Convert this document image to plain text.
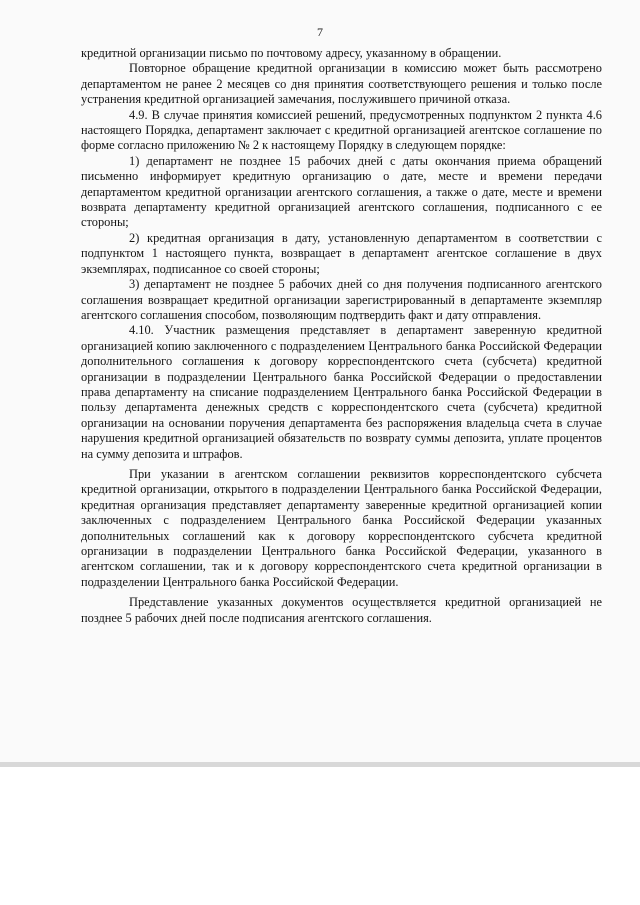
7

кредитной организации письмо по почтовому адресу, указанному в обращении.

Повторное обращение кредитной организации в комиссию может быть рассмотрено департаментом не ранее 2 месяцев со дня принятия соответствующего решения и только после устранения кредитной организацией замечания, послужившего причиной отказа.

4.9. В случае принятия комиссией решений, предусмотренных подпунктом 2 пункта 4.6 настоящего Порядка, департамент заключает с кредитной организацией агентское соглашение по форме согласно приложению № 2 к настоящему Порядку в следующем порядке:

1) департамент не позднее 15 рабочих дней с даты окончания приема обращений письменно информирует кредитную организацию о дате, месте и времени передачи департаментом кредитной организации агентского соглашения, а также о дате, месте и времени возврата департаменту кредитной организацией агентского соглашения, подписанного с ее стороны;

2) кредитная организация в дату, установленную департаментом в соответствии с подпунктом 1 настоящего пункта, возвращает в департамент агентское соглашение в двух экземплярах, подписанное со своей стороны;

3) департамент не позднее 5 рабочих дней со дня получения подписанного агентского соглашения возвращает кредитной организации зарегистрированный в департаменте экземпляр агентского соглашения способом, позволяющим подтвердить факт и дату отправления.

4.10. Участник размещения представляет в департамент заверенную кредитной организацией копию заключенного с подразделением Центрального банка Российской Федерации дополнительного соглашения к договору корреспондентского счета (субсчета) кредитной организации в подразделении Центрального банка Российской Федерации о предоставлении права департаменту на списание подразделением Центрального банка Российской Федерации в пользу департамента денежных средств с корреспондентского счета (субсчета) кредитной организации на основании поручения департамента без распоряжения владельца счета в случае нарушения кредитной организацией обязательств по возврату суммы депозита, уплате процентов на сумму депозита и штрафов.

При указании в агентском соглашении реквизитов корреспондентского субсчета кредитной организации, открытого в подразделении Центрального банка Российской Федерации, кредитная организация представляет департаменту заверенные кредитной организацией копии заключенных с подразделением Центрального банка Российской Федерации указанных дополнительных соглашений как к договору корреспондентского субсчета кредитной организации в подразделении Центрального банка Российской Федерации, указанного в агентском соглашении, так и к договору корреспондентского счета кредитной организации в подразделении Центрального банка Российской Федерации.

Представление указанных документов осуществляется кредитной организацией не позднее 5 рабочих дней после подписания агентского соглашения.
